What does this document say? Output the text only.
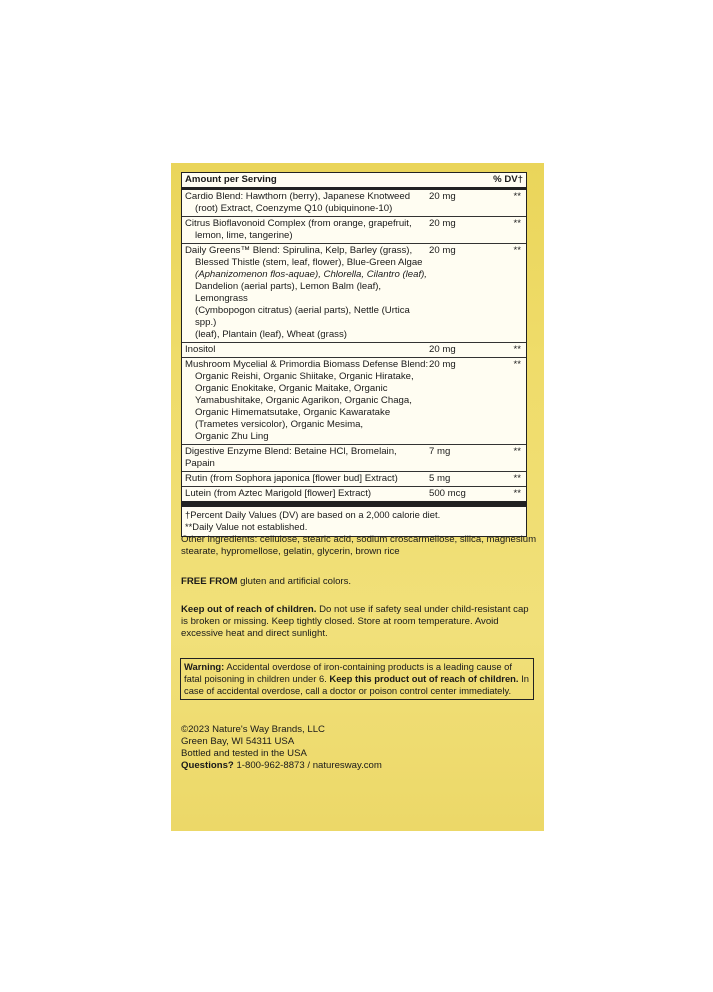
Amount per Serving	% DV†
Cardio Blend: Hawthorn (berry), Japanese Knotweed
(root) Extract, Coenzyme Q10 (ubiquinone-10)
20 mg	**
Citrus Bioflavonoid Complex (from orange, grapefruit,
lemon, lime, tangerine)
20 mg	**
Daily Greens™ Blend: Spirulina, Kelp, Barley (grass),
Blessed Thistle (stem, leaf, flower), Blue-Green Algae
(Aphanizomenon flos-aquae), Chlorella, Cilantro (leaf),
Dandelion (aerial parts), Lemon Balm (leaf), Lemongrass
(Cymbopogon citratus) (aerial parts), Nettle (Urtica spp.)
(leaf), Plantain (leaf), Wheat (grass)
20 mg	**
Inositol	20 mg	**
Mushroom Mycelial & Primordia Biomass Defense Blend:
Organic Reishi, Organic Shiitake, Organic Hiratake,
Organic Enokitake, Organic Maitake, Organic
Yamabushitake, Organic Agarikon, Organic Chaga,
Organic Himematsutake, Organic Kawaratake
(Trametes versicolor), Organic Mesima,
Organic Zhu Ling
20 mg	**
Digestive Enzyme Blend: Betaine HCl, Bromelain, Papain
7 mg	**
Rutin (from Sophora japonica [flower bud] Extract)	5 mg	**
Lutein (from Aztec Marigold [flower] Extract)	500 mcg	**
†Percent Daily Values (DV) are based on a 2,000 calorie diet.
**Daily Value not established.
Other ingredients: cellulose, stearic acid, sodium croscarmellose, silica, magnesium stearate, hypromellose, gelatin, glycerin, brown rice
FREE FROM gluten and artificial colors.
Keep out of reach of children. Do not use if safety seal under child-resistant cap is broken or missing. Keep tightly closed. Store at room temperature. Avoid excessive heat and direct sunlight.
Warning: Accidental overdose of iron-containing products is a leading cause of fatal poisoning in children under 6. Keep this product out of reach of children. In case of accidental overdose, call a doctor or poison control center immediately.
©2023 Nature's Way Brands, LLC
Green Bay, WI 54311 USA
Bottled and tested in the USA
Questions? 1-800-962-8873 / naturesway.com
